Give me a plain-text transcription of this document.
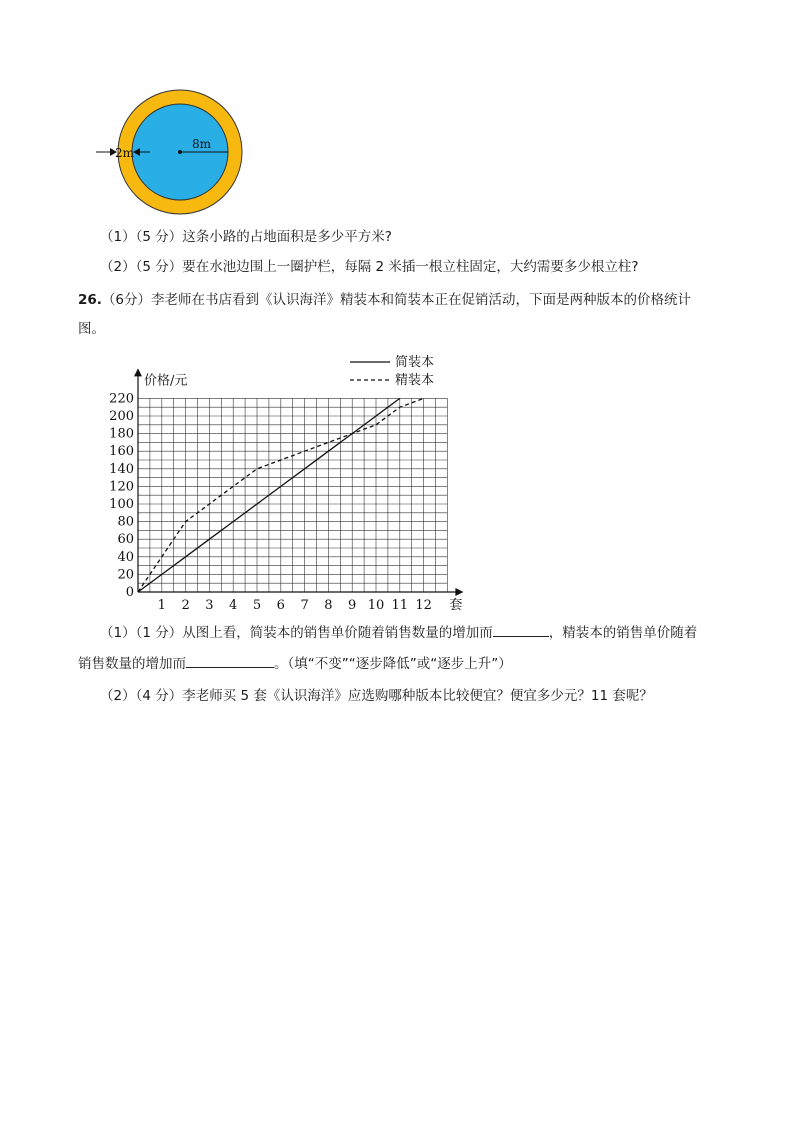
8m
2m
（1）（5 分）这条小路的占地面积是多少平方米?
（2）（5 分）要在水池边围上一圈护栏，每隔 2 米插一根立柱固定，大约需要多少根立柱?
26.（6分）李老师在书店看到《认识海洋》精装本和简装本正在促销活动，下面是两种版本的价格统计
图。
0
20
40
60
80
100
120
140
160
180
200
220
1 2 3 4 5 6 7 8 9 10 11 12
价格/元
套
简装本
精装本
（1）（1 分）从图上看，简装本的销售单价随着销售数量的增加而	，精装本的销售单价随着
销售数量的增加而	。（填“不变”“逐步降低”或“逐步上升”）
（2）（4 分）李老师买 5 套《认识海洋》应选购哪种版本比较便宜？便宜多少元？11 套呢？
